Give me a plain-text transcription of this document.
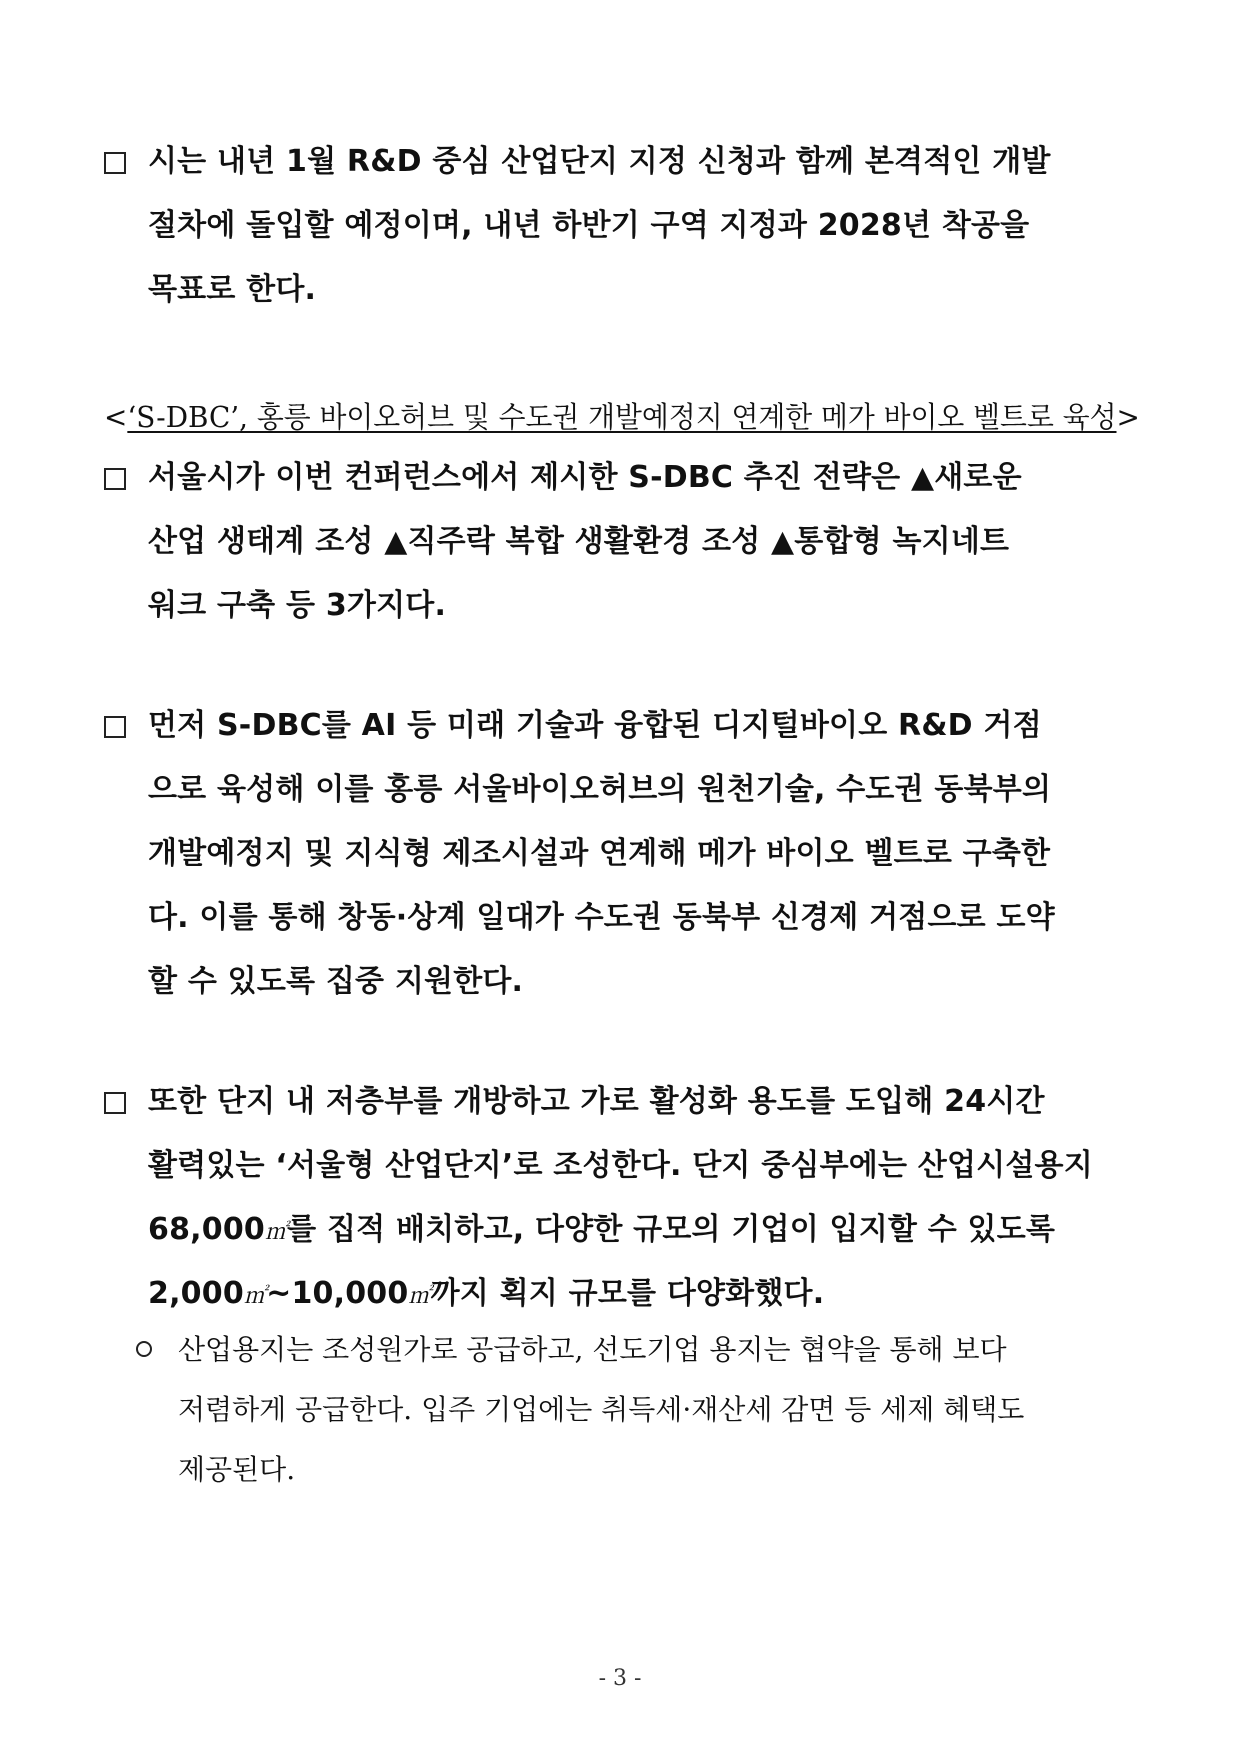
시는 내년 1월 R&D 중심 산업단지 지정 신청과 함께 본격적인 개발
절차에 돌입할 예정이며, 내년 하반기 구역 지정과 2028년 착공을
목표로 한다.
<‘S-DBC’, 홍릉 바이오허브 및 수도권 개발예정지 연계한 메가 바이오 벨트로 육성>
서울시가 이번 컨퍼런스에서 제시한 S-DBC 추진 전략은 ▲새로운
산업 생태계 조성 ▲직주락 복합 생활환경 조성 ▲통합형 녹지네트
워크 구축 등 3가지다.
먼저 S-DBC를 AI 등 미래 기술과 융합된 디지털바이오 R&D 거점
으로 육성해 이를 홍릉 서울바이오허브의 원천기술, 수도권 동북부의
개발예정지 및 지식형 제조시설과 연계해 메가 바이오 벨트로 구축한
다. 이를 통해 창동·상계 일대가 수도권 동북부 신경제 거점으로 도약
할 수 있도록 집중 지원한다.
또한 단지 내 저층부를 개방하고 가로 활성화 용도를 도입해 24시간
활력있는 ‘서울형 산업단지’로 조성한다. 단지 중심부에는 산업시설용지
68,000㎡를 집적 배치하고, 다양한 규모의 기업이 입지할 수 있도록
2,000㎡~10,000㎡까지 획지 규모를 다양화했다.
산업용지는 조성원가로 공급하고, 선도기업 용지는 협약을 통해 보다
저렴하게 공급한다. 입주 기업에는 취득세·재산세 감면 등 세제 혜택도
제공된다.
- 3 -
